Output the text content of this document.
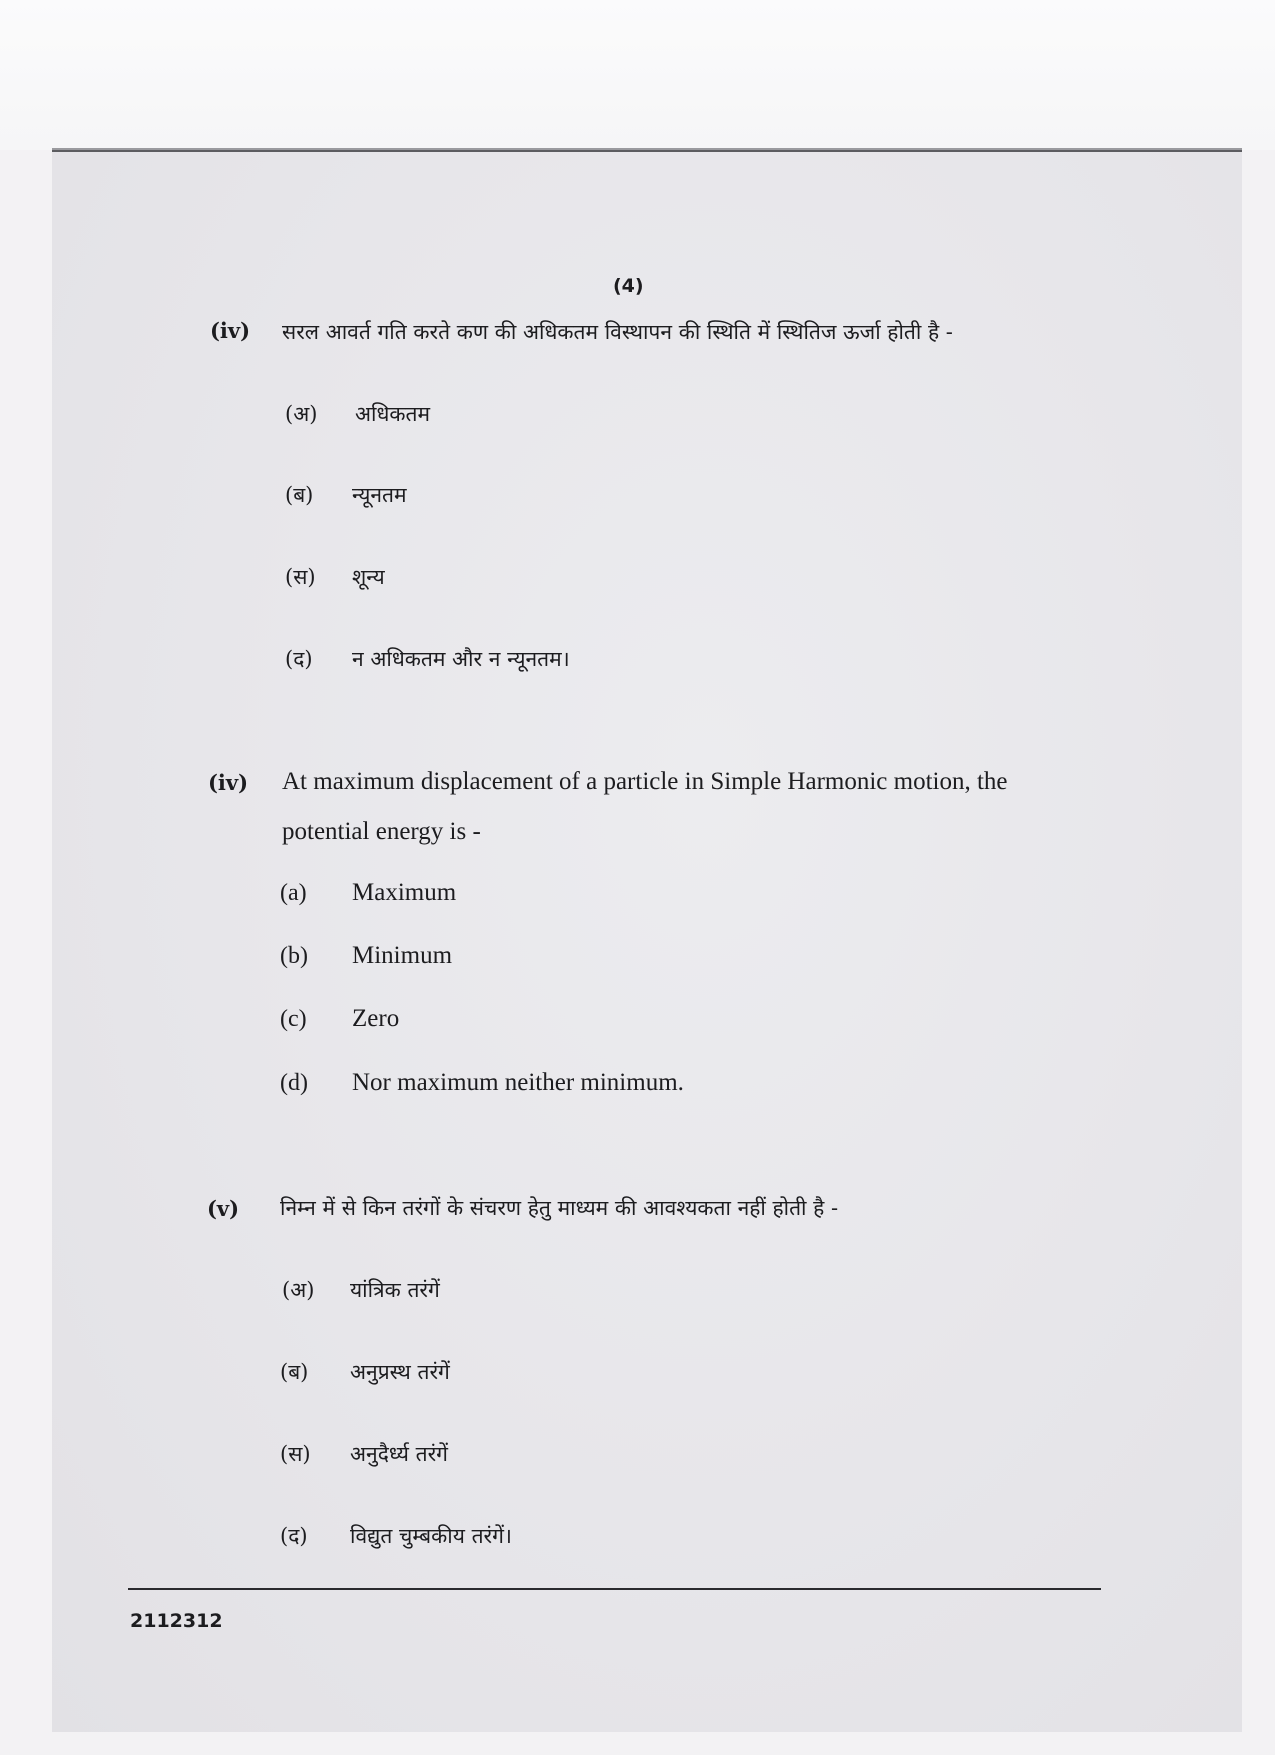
(4)
(iv) सरल आवर्त गति करते कण की अधिकतम विस्थापन की स्थिति में स्थितिज ऊर्जा होती है -
(अ) अधिकतम
(ब) न्यूनतम
(स) शून्य
(द) न अधिकतम और न न्यूनतम।
(iv) At maximum displacement of a particle in Simple Harmonic motion, the
potential energy is -
(a) Maximum
(b) Minimum
(c) Zero
(d) Nor maximum neither minimum.
(v) निम्न में से किन तरंगों के संचरण हेतु माध्यम की आवश्यकता नहीं होती है -
(अ) यांत्रिक तरंगें
(ब) अनुप्रस्थ तरंगें
(स) अनुदैर्ध्य तरंगें
(द) विद्युत चुम्बकीय तरंगें।
2112312
